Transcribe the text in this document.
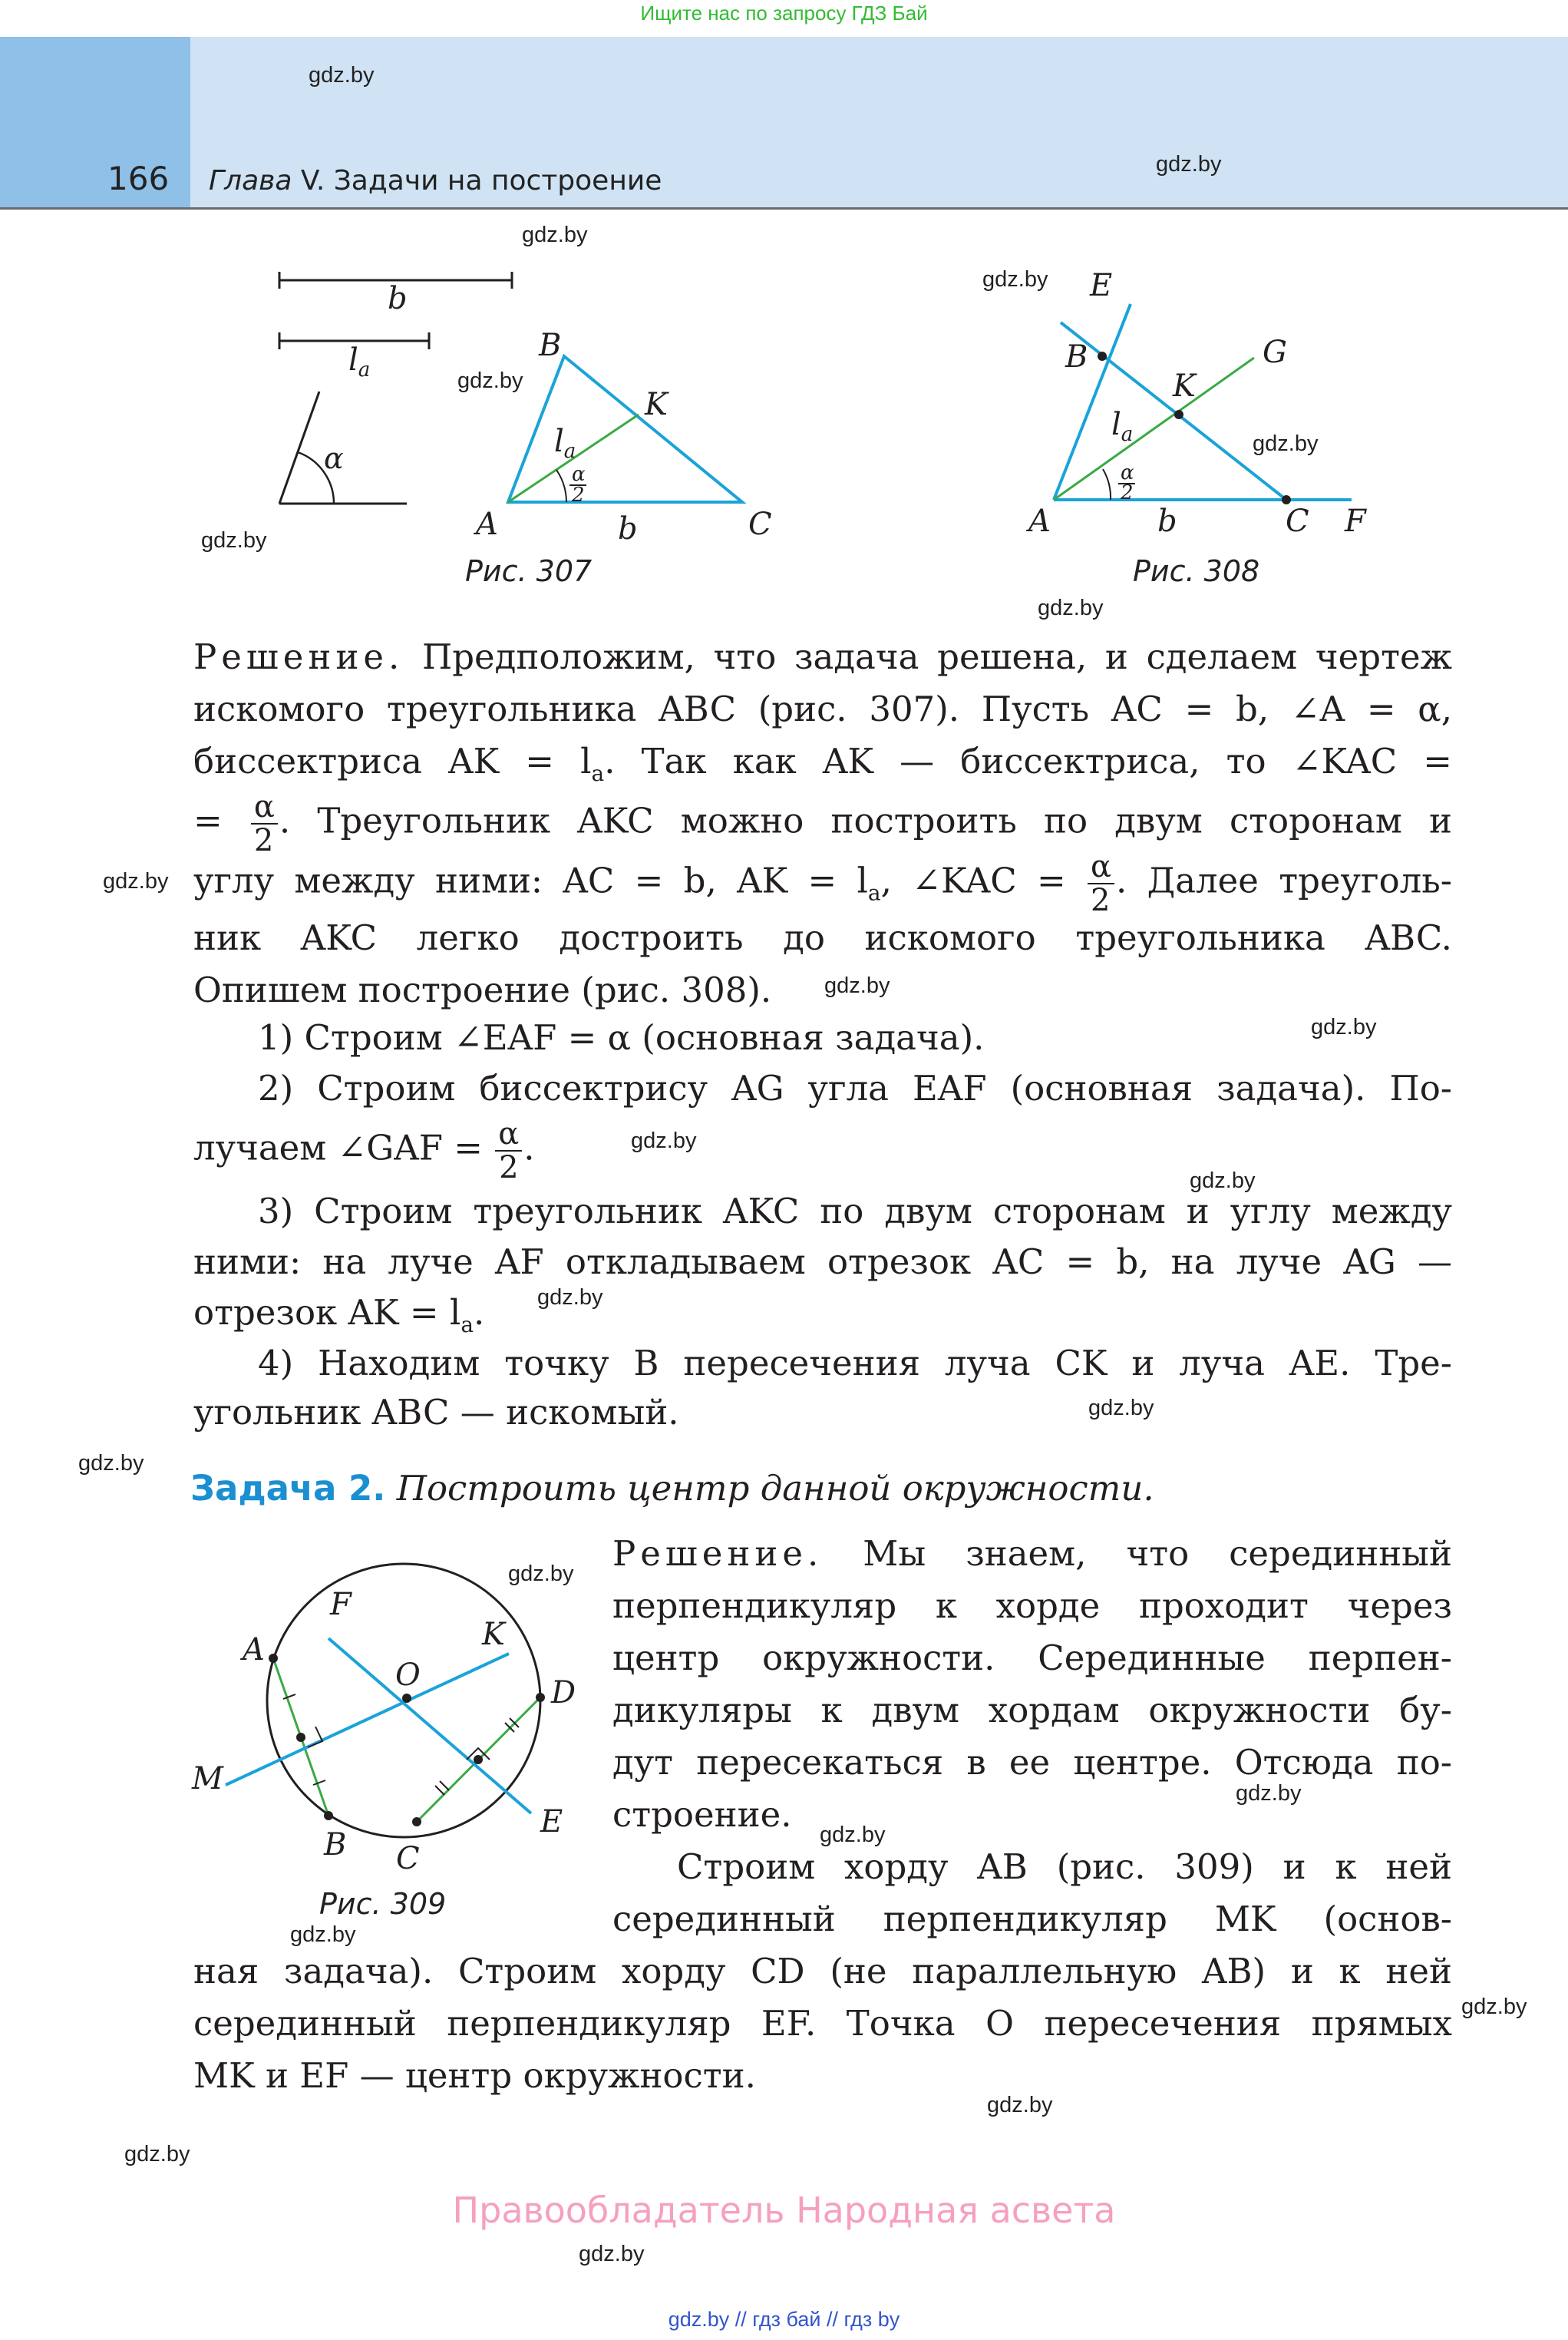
Ищите нас по запросу ГДЗ Бай
166 Глава V. Задачи на построение
gdz.by
gdz.by
gdz.by
gdz.by
gdz.by
gdz.by
gdz.by
gdz.by
gdz.by
gdz.by
gdz.by
gdz.by
gdz.by
gdz.by
gdz.by
gdz.by
gdz.by
gdz.by
gdz.by
gdz.by
gdz.by
gdz.by
gdz.by
gdz.by
b
$l_a$
α
B
K
$l_a$
α
2
A	b	C
Рис. 307
E
B	G
K
$l_a$
α
2
A	b	C F
Рис. 308
Решение. Предположим, что задача решена, и сделаем чертеж
искомого треугольника ABC (рис. 307). Пусть AC = b, ∠A = α,
биссектриса AK = $l_a$. Так как AK — биссектриса, то ∠KAC =
= $\frac{\alpha}{2}$ . Треугольник AKC можно построить по двум сторонам и
углу между ними: AC = b, AK = $l_a$, ∠KAC = $\frac{\alpha}{2}$ . Далее треуголь-
ник AKC легко достроить до искомого треугольника ABC.
Опишем построение (рис. 308).
1) Строим ∠EAF = α (основная задача).
2) Строим биссектрису AG угла EAF (основная задача). По-
лучаем ∠GAF = $\frac{\alpha}{2}$ .
3) Строим треугольник AKC по двум сторонам и углу между
ними: на луче AF откладываем отрезок AC = b, на луче AG —
отрезок AK = $l_a$.
4) Находим точку B пересечения луча CK и луча AE. Тре-
угольник ABC — искомый.
Задача 2. Построить центр данной окружности.
F
K
A
O	D
M
B C
E
Рис. 309
Решение. Мы знаем, что серединный
перпендикуляр к хорде проходит через
центр окружности. Серединные перпен-
дикуляры к двум хордам окружности бу-
дут пересекаться в ее центре. Отсюда по-
строение.
Строим хорду AB (рис. 309) и к ней
серединный перпендикуляр MK (основ-
ная задача). Строим хорду CD (не параллельную AB) и к ней
серединный перпендикуляр EF. Точка O пересечения прямых
MK и EF — центр окружности.
Правообладатель Народная асвета
gdz.by // гдз бай // гдз by
